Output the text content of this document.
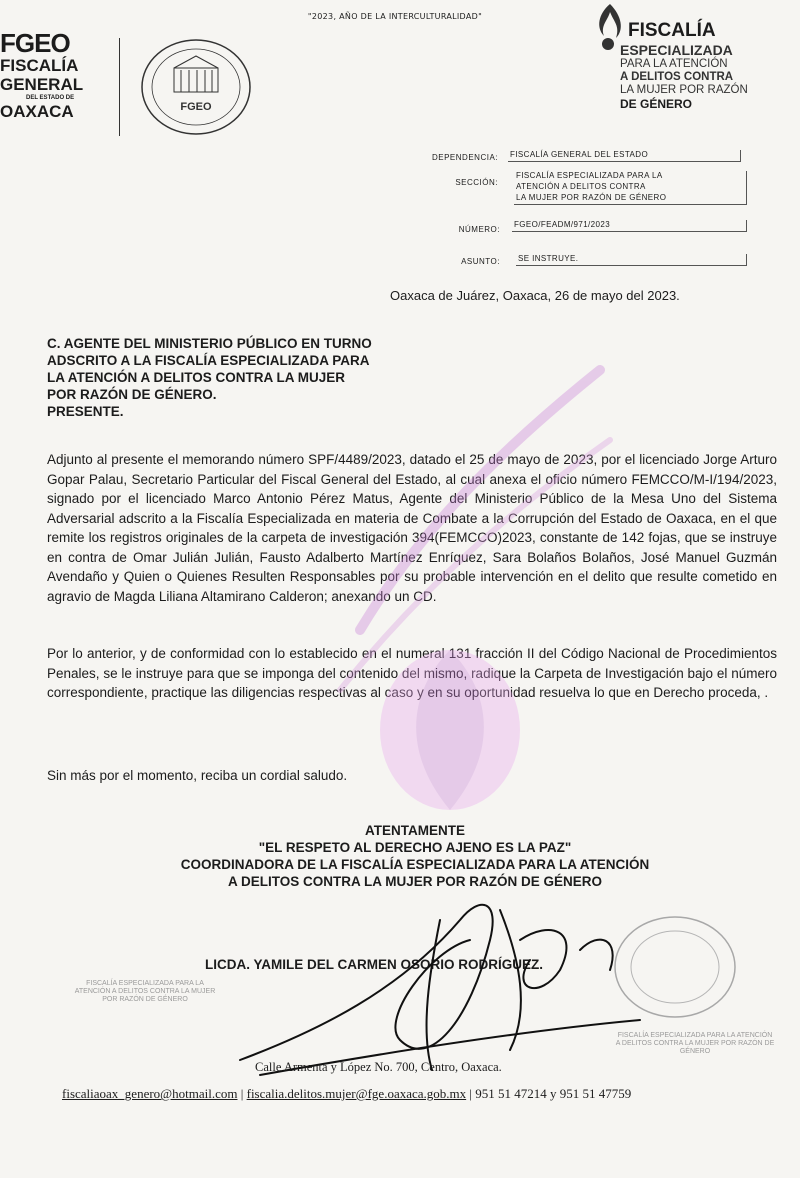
"2023, AÑO DE LA INTERCULTURALIDAD"
FGEO
FISCALÍA
GENERAL
DEL ESTADO DE
OAXACA	FGEO
FISCALÍA
ESPECIALIZADA
PARA LA ATENCIÓN
A DELITOS CONTRA
LA MUJER POR RAZÓN
DE GÉNERO
DEPENDENCIA: FISCALÍA GENERAL DEL ESTADO
SECCIÓN:
FISCALÍA ESPECIALIZADA PARA LA
ATENCIÓN A DELITOS CONTRA
LA MUJER POR RAZÓN DE GÉNERO
NÚMERO:
FGEO/FEADM/971/2023
ASUNTO: SE INSTRUYE.
Oaxaca de Juárez, Oaxaca, 26 de mayo del 2023.
C. AGENTE DEL MINISTERIO PÚBLICO EN TURNO
ADSCRITO A LA FISCALÍA ESPECIALIZADA PARA
LA ATENCIÓN A DELITOS CONTRA LA MUJER
POR RAZÓN DE GÉNERO.
PRESENTE.
Adjunto al presente el memorando número SPF/4489/2023, datado el 25 de mayo de 2023, por el licenciado Jorge Arturo Gopar Palau, Secretario Particular del Fiscal General del Estado, al cual anexa el oficio número FEMCCO/M-I/194/2023, signado por el licenciado Marco Antonio Pérez Matus, Agente del Ministerio Público de la Mesa Uno del Sistema Adversarial adscrito a la Fiscalía Especializada en materia de Combate a la Corrupción del Estado de Oaxaca, en el que remite los registros originales de la carpeta de investigación 394(FEMCCO)2023, constante de 142 fojas, que se instruye en contra de Omar Julián Julián, Fausto Adalberto Martínez Enríquez, Sara Bolaños Bolaños, José Manuel Guzmán Avendaño y Quien o Quienes Resulten Responsables por su probable intervención en el delito que resulte cometido en agravio de Magda Liliana Altamirano Calderon; anexando un CD.
Por lo anterior, y de conformidad con lo establecido en el numeral 131 fracción II del Código Nacional de Procedimientos Penales, se le instruye para que se imponga del contenido del mismo, radique la Carpeta de Investigación bajo el número correspondiente, practique las diligencias respectivas al caso y en su oportunidad resuelva lo que en Derecho proceda, .
Sin más por el momento, reciba un cordial saludo.
ATENTAMENTE
"EL RESPETO AL DERECHO AJENO ES LA PAZ"
COORDINADORA DE LA FISCALÍA ESPECIALIZADA PARA LA ATENCIÓN
A DELITOS CONTRA LA MUJER POR RAZÓN DE GÉNERO
LICDA. YAMILE DEL CARMEN OSORIO RODRÍGUEZ.
FISCALÍA ESPECIALIZADA PARA LA ATENCIÓN A DELITOS CONTRA LA MUJER POR RAZÓN DE GÉNERO
FISCALÍA ESPECIALIZADA PARA LA ATENCIÓN A DELITOS CONTRA LA MUJER POR RAZÓN DE GÉNERO
Calle Armenta y López No. 700, Centro, Oaxaca.
fiscaliaoax_genero@hotmail.com | fiscalia.delitos.mujer@fge.oaxaca.gob.mx | 951 51 47214 y 951 51 47759
